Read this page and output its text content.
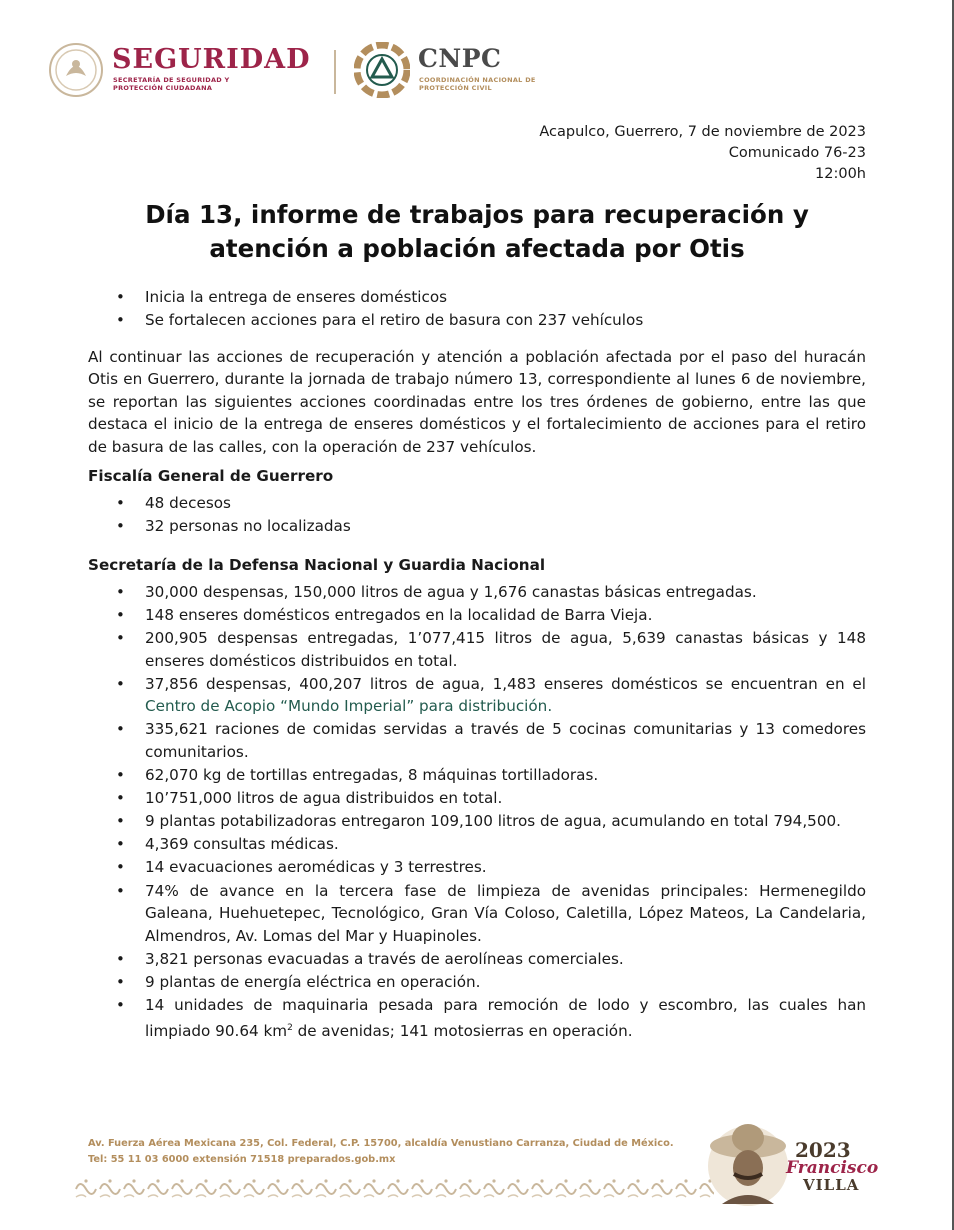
SEGURIDAD
SECRETARÍA DE SEGURIDAD Y PROTECCIÓN CIUDADANA
CNPC
COORDINACIÓN NACIONAL DE PROTECCIÓN CIVIL
Acapulco, Guerrero, 7 de noviembre de 2023
Comunicado 76-23
12:00h
Día 13, informe de trabajos para recuperación y atención a población afectada por Otis
• Inicia la entrega de enseres domésticos
• Se fortalecen acciones para el retiro de basura con 237 vehículos

Al continuar las acciones de recuperación y atención a población afectada por el paso del huracán Otis en Guerrero, durante la jornada de trabajo número 13, correspondiente al lunes 6 de noviembre, se reportan las siguientes acciones coordinadas entre los tres órdenes de gobierno, entre las que destaca el inicio de la entrega de enseres domésticos y el fortalecimiento de acciones para el retiro de basura de las calles, con la operación de 237 vehículos.

Fiscalía General de Guerrero
• 48 decesos
• 32 personas no localizadas
Secretaría de la Defensa Nacional y Guardia Nacional
• 30,000 despensas, 150,000 litros de agua y 1,676 canastas básicas entregadas.
• 148 enseres domésticos entregados en la localidad de Barra Vieja.
• 200,905 despensas entregadas, 1’077,415 litros de agua, 5,639 canastas básicas y 148 enseres domésticos distribuidos en total.
• 37,856 despensas, 400,207 litros de agua, 1,483 enseres domésticos se encuentran en el Centro de Acopio “Mundo Imperial” para distribución.
• 335,621 raciones de comidas servidas a través de 5 cocinas comunitarias y 13 comedores comunitarios.
• 62,070 kg de tortillas entregadas, 8 máquinas tortilladoras.
• 10’751,000 litros de agua distribuidos en total.
• 9 plantas potabilizadoras entregaron 109,100 litros de agua, acumulando en total 794,500.
• 4,369 consultas médicas.
• 14 evacuaciones aeromédicas y 3 terrestres.
• 74% de avance en la tercera fase de limpieza de avenidas principales: Hermenegildo Galeana, Huehuetepec, Tecnológico, Gran Vía Coloso, Caletilla, López Mateos, La Candelaria, Almendros, Av. Lomas del Mar y Huapinoles.
• 3,821 personas evacuadas a través de aerolíneas comerciales.
• 9 plantas de energía eléctrica en operación.
• 14 unidades de maquinaria pesada para remoción de lodo y escombro, las cuales han limpiado 90.64 $km^2$ de avenidas; 141 motosierras en operación.
Av. Fuerza Aérea Mexicana 235, Col. Federal, C.P. 15700, alcaldía Venustiano Carranza, Ciudad de México.
Tel: 55 11 03 6000 extensión 71518 preparados.gob.mx	2023
Francisco
VILLA
